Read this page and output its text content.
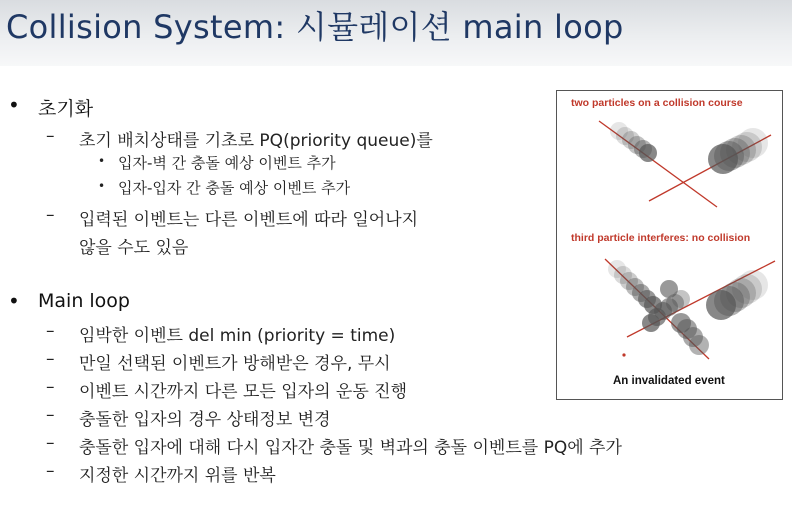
Collision System: 시뮬레이션 main loop
• 초기화
– 초기 배치상태를 기초로 PQ(priority queue)를
• 입자-벽 간 충돌 예상 이벤트 추가
• 입자-입자 간 충돌 예상 이벤트 추가
– 입력된 이벤트는 다른 이벤트에 따라 일어나지
않을 수도 있음
• Main loop
– 임박한 이벤트 del min (priority = time)
– 만일 선택된 이벤트가 방해받은 경우, 무시
– 이벤트 시간까지 다른 모든 입자의 운동 진행
– 충돌한 입자의 경우 상태정보 변경
– 충돌한 입자에 대해 다시 입자간 충돌 및 벽과의 충돌 이벤트를 PQ에 추가
– 지정한 시간까지 위를 반복
two particles on a collision course
third particle interferes: no collision
An invalidated event
